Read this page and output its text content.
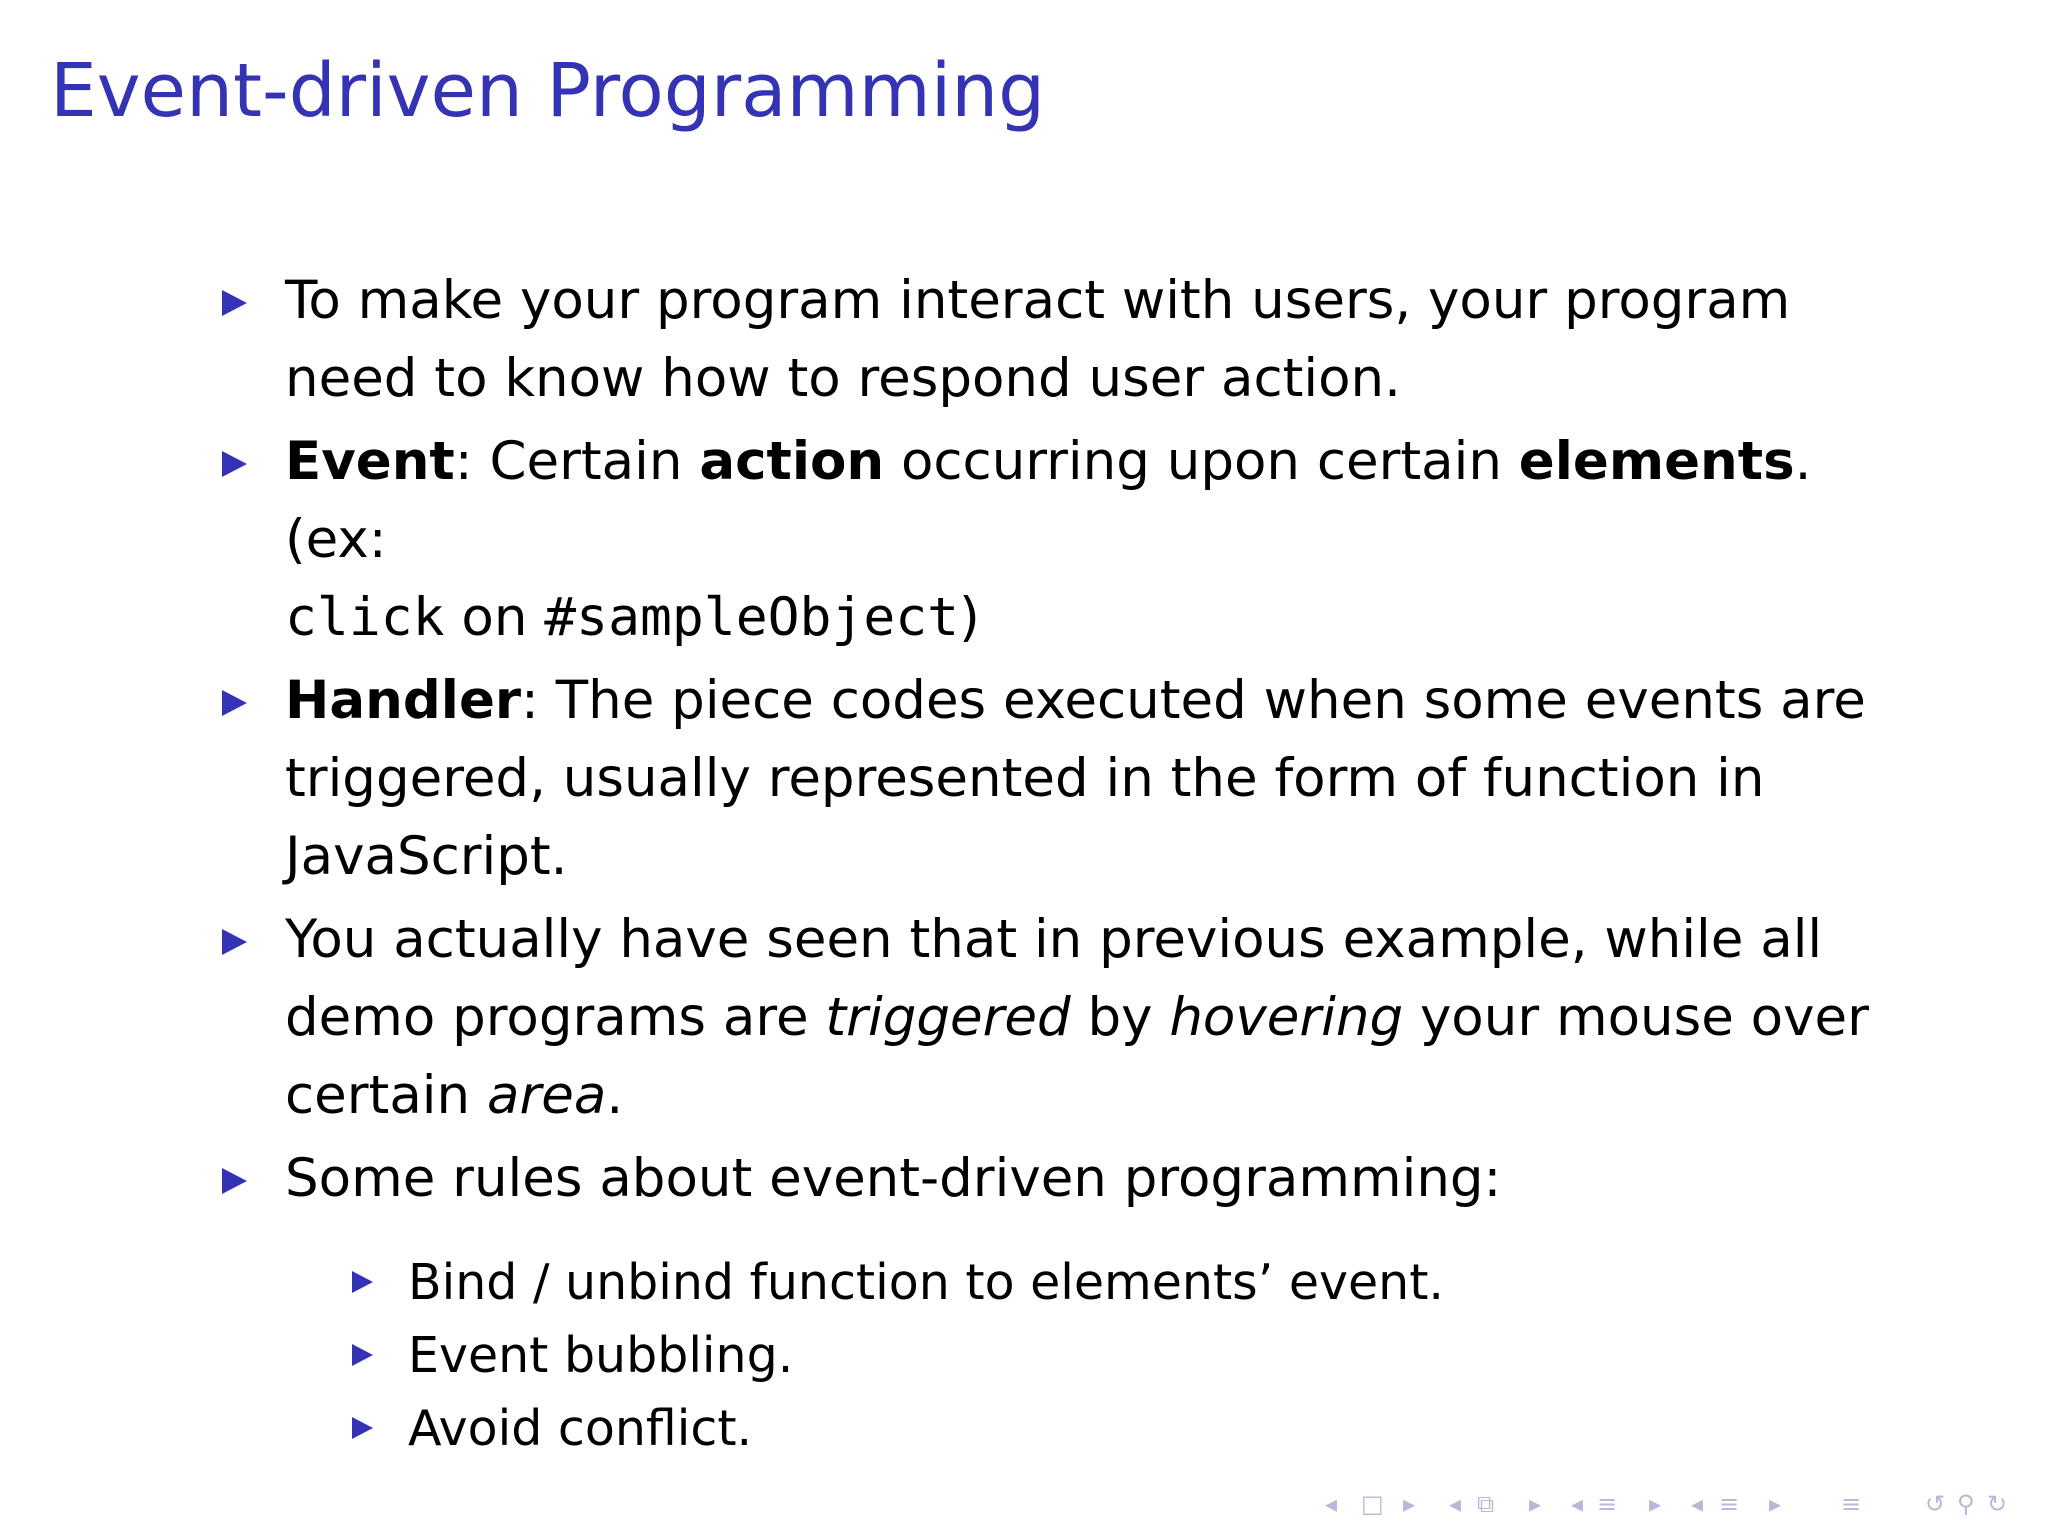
Event-driven Programming
To make your program interact with users, your program need to know how to respond user action.
Event: Certain action occurring upon certain elements. (ex:
click on #sampleObject)
Handler: The piece codes executed when some events are triggered, usually represented in the form of function in JavaScript.
You actually have seen that in previous example, while all demo programs are triggered by hovering your mouse over certain area.
Some rules about event-driven programming:
Bind / unbind function to elements’ event.
Event bubbling.
Avoid conflict.
◂ □ ▸ ◂ ⧉ ▸ ◂ ≡ ▸ ◂ ≡ ▸ ≡	↺ ⚲ ↻
